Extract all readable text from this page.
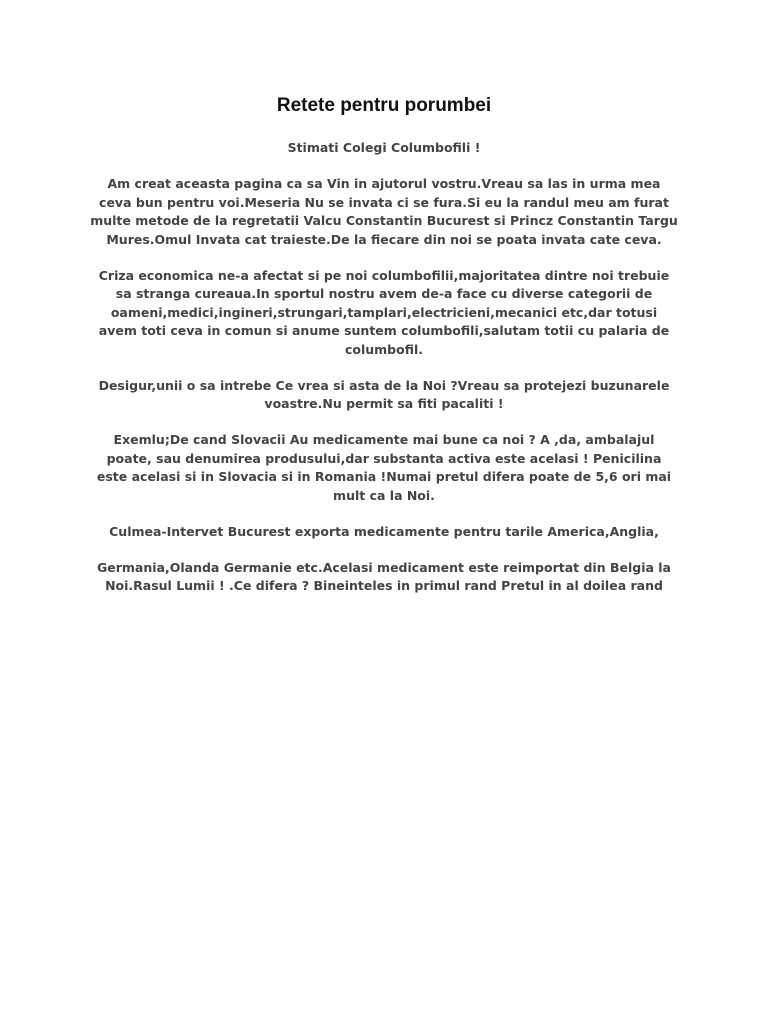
Retete pentru porumbei

Stimati Colegi Columbofili !

Am creat aceasta pagina ca sa Vin in ajutorul vostru.Vreau sa las in urma mea ceva bun pentru voi.Meseria Nu se invata ci se fura.Si eu la randul meu am furat multe metode de la regretatii Valcu Constantin Bucurest si Princz Constantin Targu Mures.Omul Invata cat traieste.De la fiecare din noi se poata invata cate ceva.

Criza economica ne-a afectat si pe noi columbofilii,majoritatea dintre noi trebuie sa stranga cureaua.In sportul nostru avem de-a face cu diverse categorii de oameni,medici,ingineri,strungari,tamplari,electricieni,mecanici etc,dar totusi avem toti ceva in comun si anume suntem columbofili,salutam totii cu palaria de columbofil.

Desigur,unii o sa intrebe Ce vrea si asta de la Noi ?Vreau sa protejezi buzunarele voastre.Nu permit sa fiti pacaliti !

Exemlu;De cand Slovacii Au medicamente mai bune ca noi ? A ,da, ambalajul poate, sau denumirea produsului,dar substanta activa este acelasi ! Penicilina este acelasi si in Slovacia si in Romania !Numai pretul difera poate de 5,6 ori mai mult ca la Noi.

Culmea-Intervet Bucurest exporta medicamente pentru tarile America,Anglia,

Germania,Olanda Germanie etc.Acelasi medicament este reimportat din Belgia la Noi.Rasul Lumii ! .Ce difera ? Bineinteles in primul rand Pretul in al doilea rand
